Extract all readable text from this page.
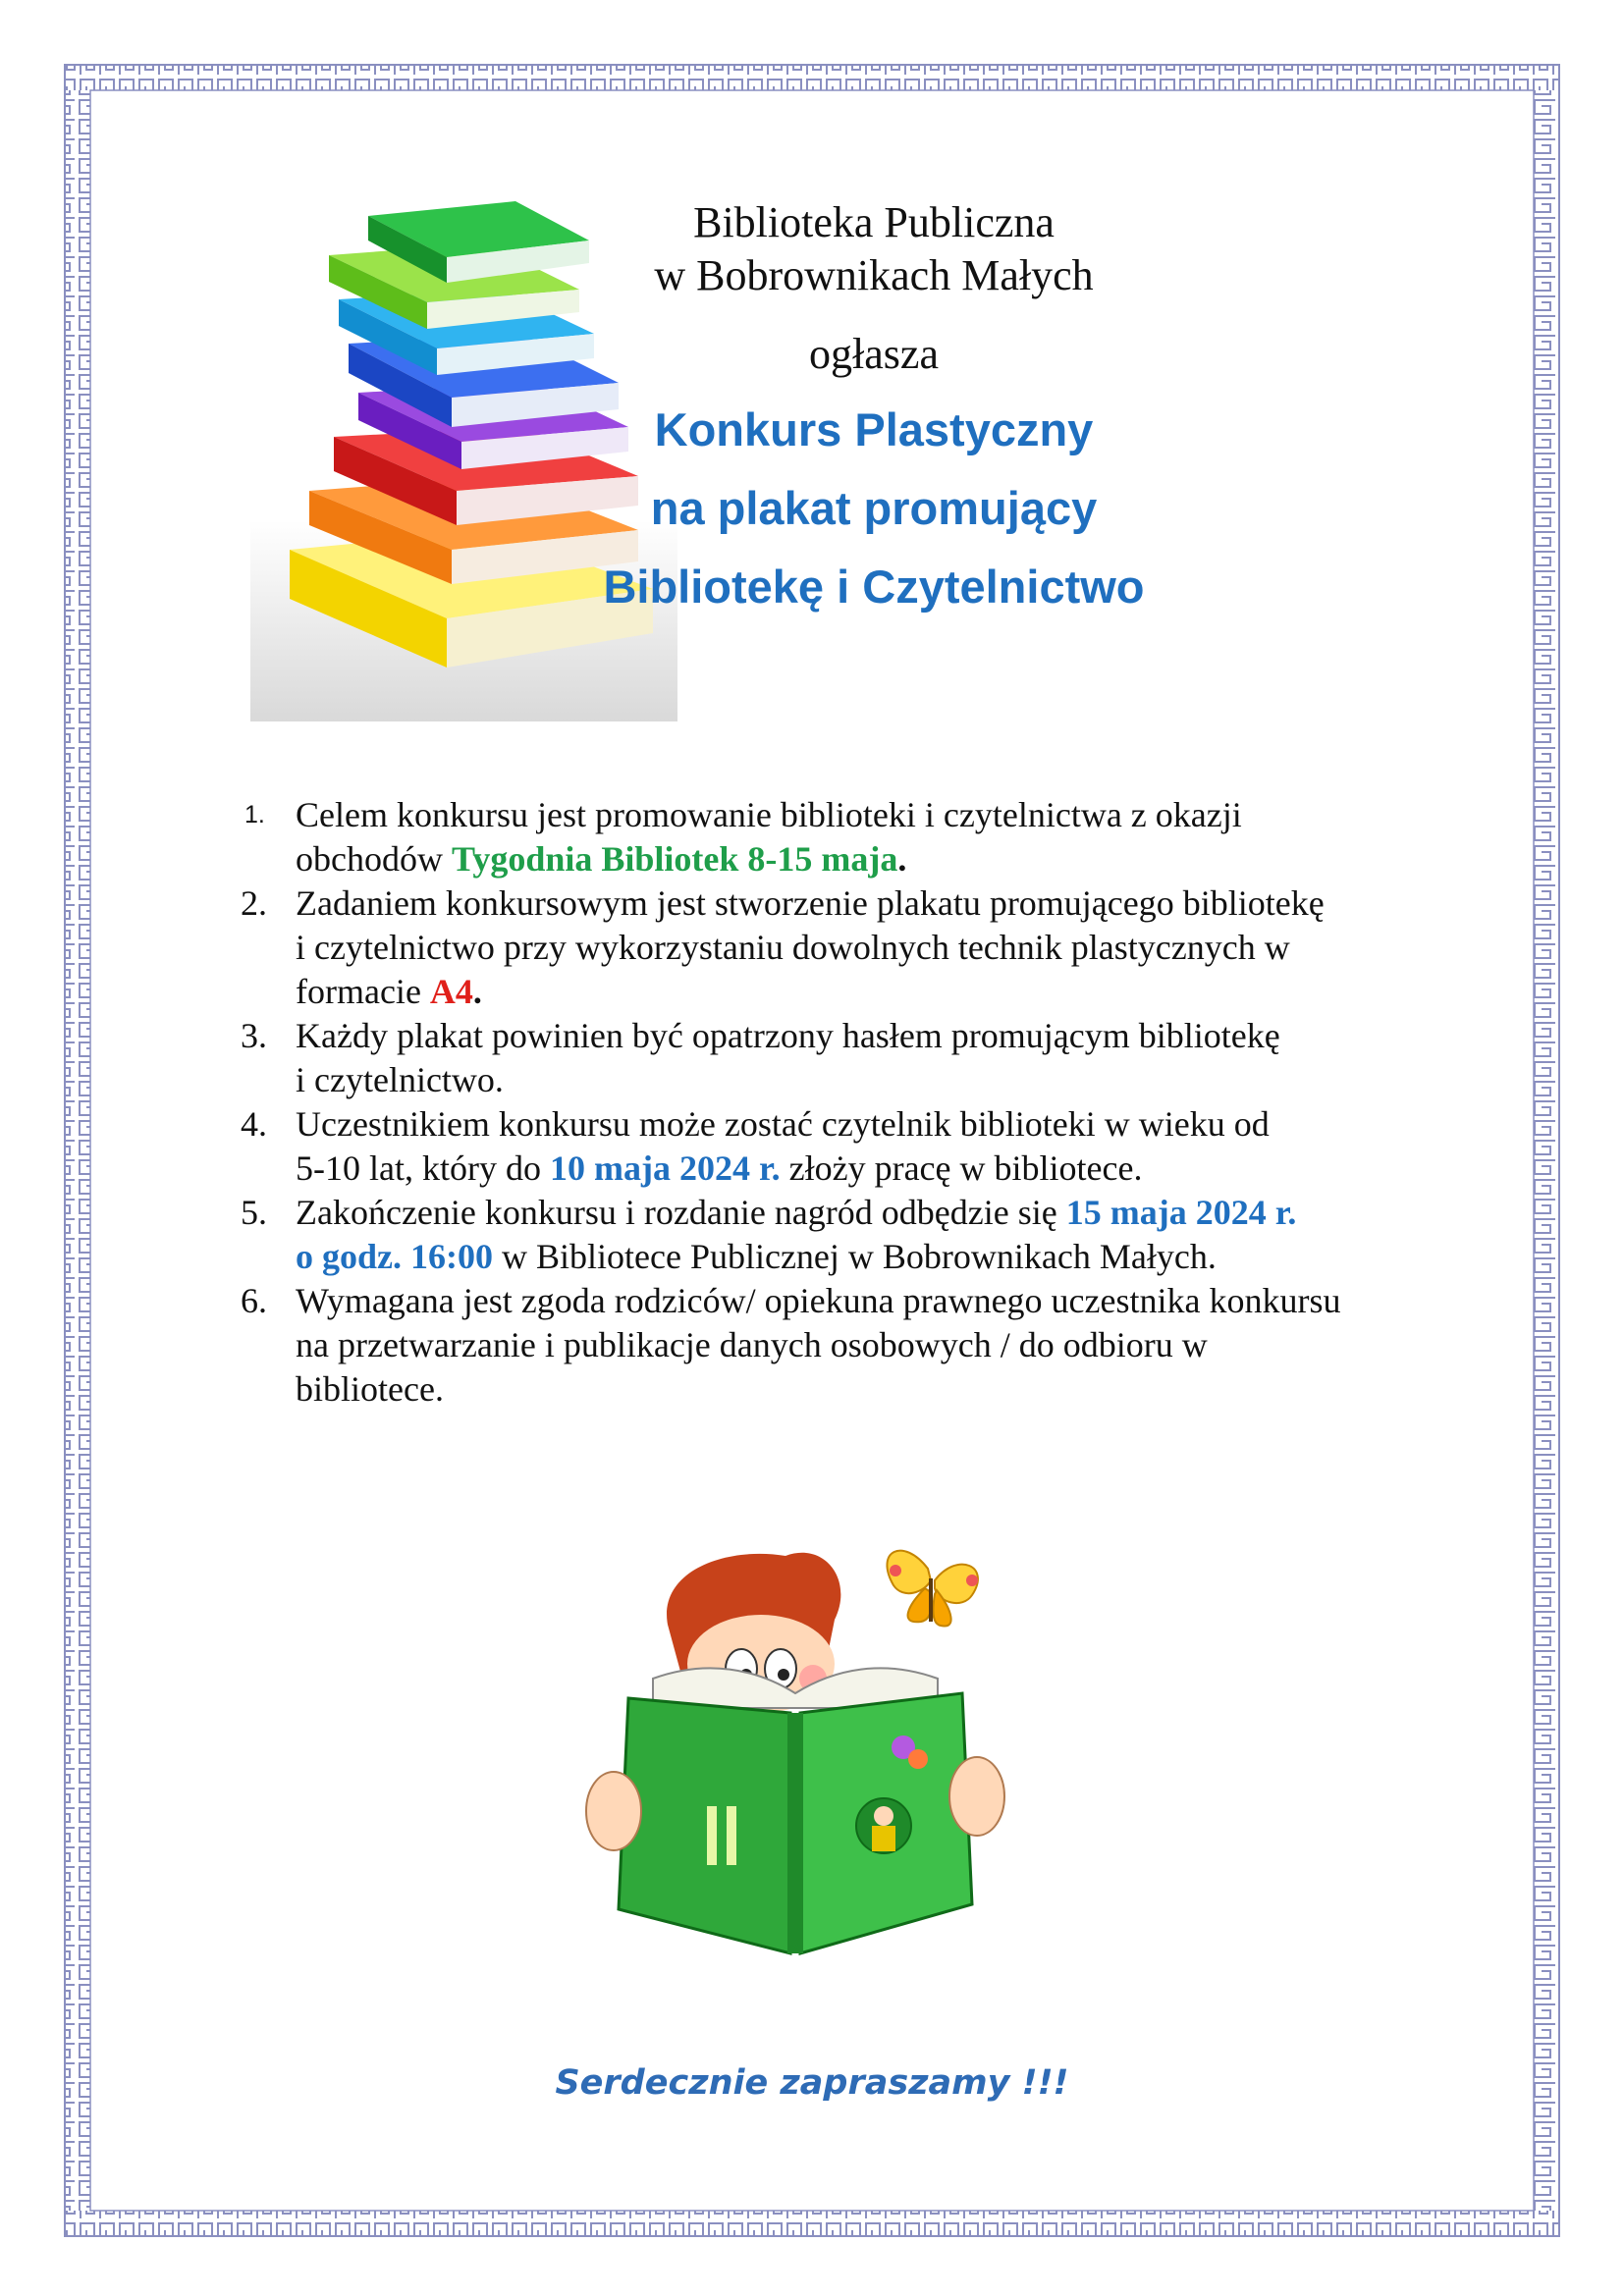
Biblioteka Publiczna
w Bobrownikach Małych
ogłasza
Konkurs Plastyczny
na plakat promujący
Bibliotekę i Czytelnictwo
1. Celem konkursu jest promowanie biblioteki i czytelnictwa z okazji
obchodów Tygodnia Bibliotek 8-15 maja.
2. Zadaniem konkursowym jest stworzenie plakatu promującego bibliotekę
i czytelnictwo przy wykorzystaniu dowolnych technik plastycznych w
formacie A4.
3. Każdy plakat powinien być opatrzony hasłem promującym bibliotekę
i czytelnictwo.
4. Uczestnikiem konkursu może zostać czytelnik biblioteki w wieku od
5-10 lat, który do 10 maja 2024 r. złoży pracę w bibliotece.
5. Zakończenie konkursu i rozdanie nagród odbędzie się 15 maja 2024 r.
o godz. 16:00 w Bibliotece Publicznej w Bobrownikach Małych.
6. Wymagana jest zgoda rodziców/ opiekuna prawnego uczestnika konkursu
na przetwarzanie i publikacje danych osobowych / do odbioru w
bibliotece.
Serdecznie zapraszamy !!!
